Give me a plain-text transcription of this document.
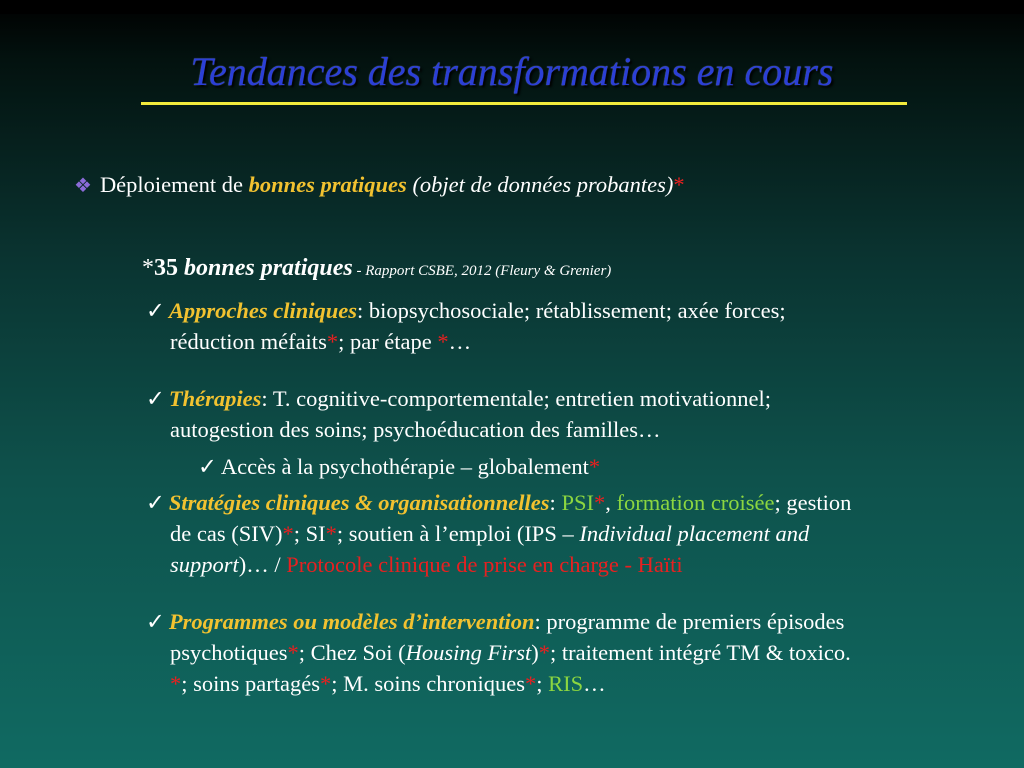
Tendances des transformations en cours
❖ Déploiement de bonnes pratiques (objet de données probantes)*
*35 bonnes pratiques - Rapport CSBE, 2012 (Fleury & Grenier)
✓ Approches cliniques: biopsychosociale; rétablissement; axée forces;
réduction méfaits*; par étape *…
✓ Thérapies: T. cognitive-comportementale; entretien motivationnel;
autogestion des soins; psychoéducation des familles…
✓ Accès à la psychothérapie – globalement*
✓ Stratégies cliniques & organisationnelles: PSI*, formation croisée; gestion
de cas (SIV)*; SI*; soutien à l’emploi (IPS – Individual placement and
support)… / Protocole clinique de prise en charge - Haïti
✓ Programmes ou modèles d’intervention: programme de premiers épisodes
psychotiques*; Chez Soi (Housing First)*; traitement intégré TM & toxico.
*; soins partagés*; M. soins chroniques*; RIS…
